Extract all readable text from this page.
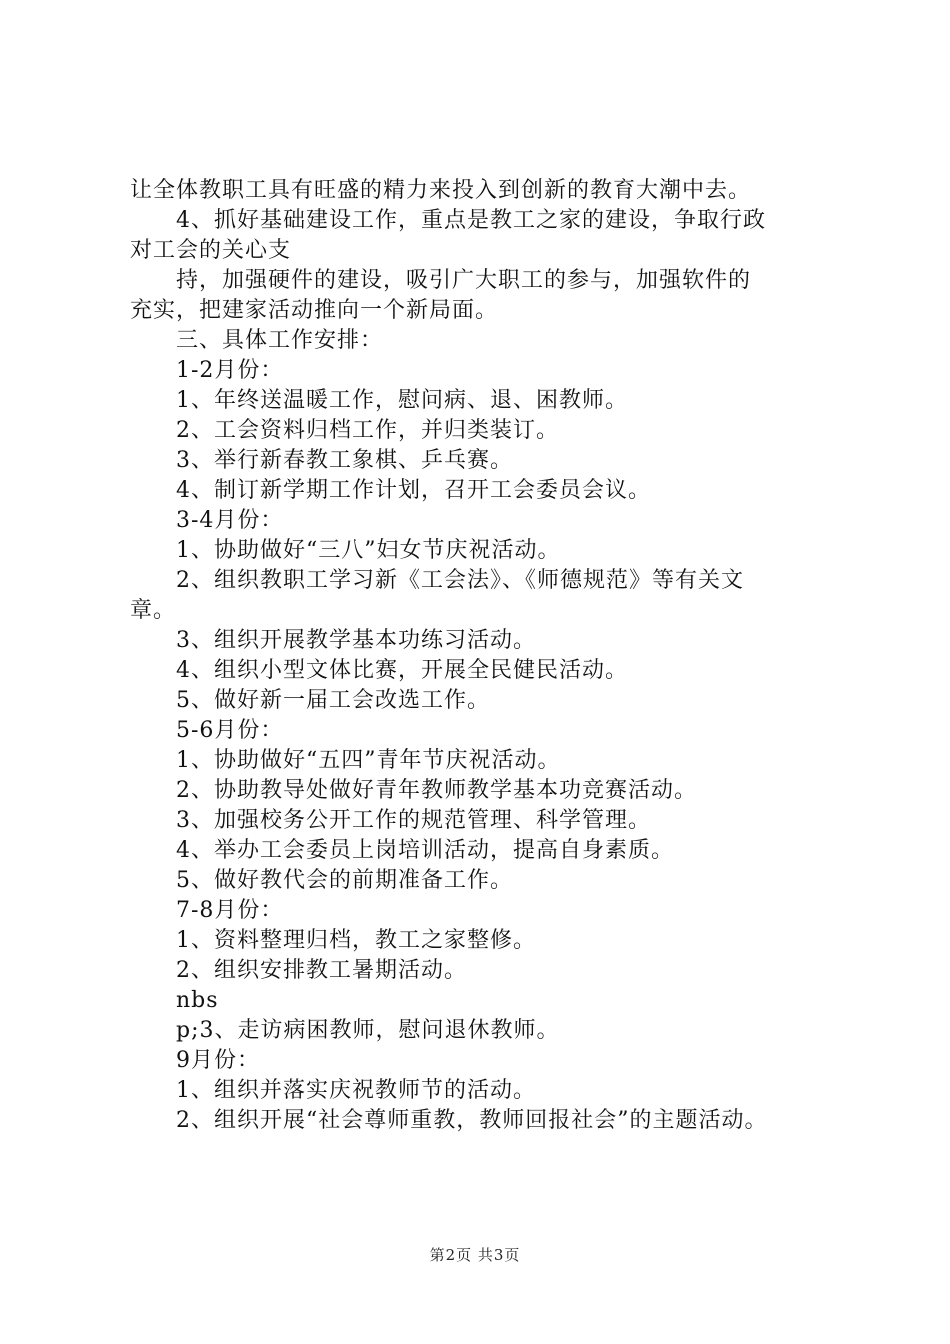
让全体教职工具有旺盛的精力来投入到创新的教育大潮中去。
4、抓好基础建设工作，重点是教工之家的建设，争取行政
对工会的关心支
持，加强硬件的建设，吸引广大职工的参与，加强软件的
充实，把建家活动推向一个新局面。
三、具体工作安排：
1-2月份：
1、年终送温暖工作，慰问病、退、困教师。
2、工会资料归档工作，并归类装订。
3、举行新春教工象棋、乒乓赛。
4、制订新学期工作计划，召开工会委员会议。
3-4月份：
1、协助做好“三八”妇女节庆祝活动。
2、组织教职工学习新《工会法》、《师德规范》等有关文
章。
3、组织开展教学基本功练习活动。
4、组织小型文体比赛，开展全民健民活动。
5、做好新一届工会改选工作。
5-6月份：
1、协助做好“五四”青年节庆祝活动。
2、协助教导处做好青年教师教学基本功竞赛活动。
3、加强校务公开工作的规范管理、科学管理。
4、举办工会委员上岗培训活动，提高自身素质。
5、做好教代会的前期准备工作。
7-8月份：
1、资料整理归档，教工之家整修。
2、组织安排教工暑期活动。
nbs
p;3、走访病困教师，慰问退休教师。
9月份：
1、组织并落实庆祝教师节的活动。
2、组织开展“社会尊师重教，教师回报社会”的主题活动。
第2页 共3页
